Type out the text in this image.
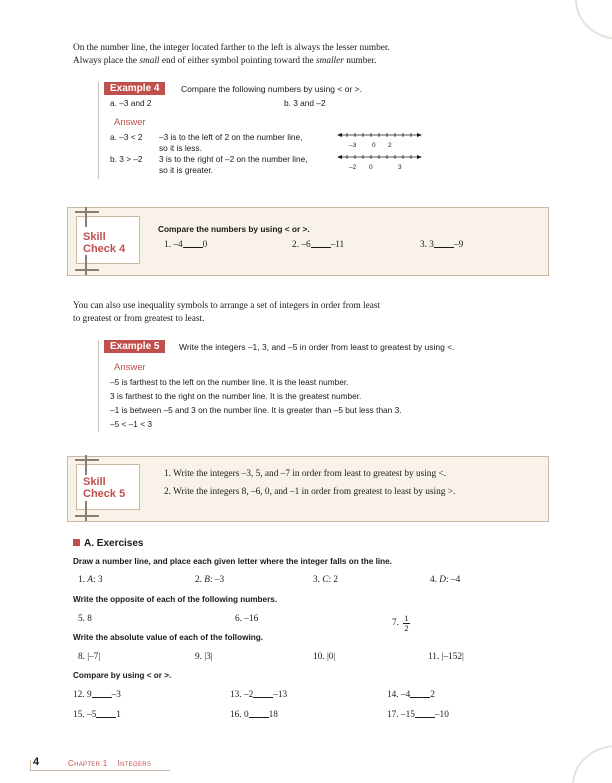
On the number line, the integer located farther to the left is always the lesser number.
Always place the small end of either symbol pointing toward the smaller number.
Example 4	Compare the following numbers by using < or >.
a. –3 and 2	b. 3 and –2
Answer
a. –3 < 2 –3 is to the left of 2 on the number line,
so it is less.
b. 3 > –2 3 is to the right of –2 on the number line,
so it is greater.
–3 0 2
–2 0	3
Skill
Check 4
Compare the numbers by using < or >.
1. –4 0	2. –6 –11	3. 3 –9
You can also use inequality symbols to arrange a set of integers in order from least
to greatest or from greatest to least.
Example 5	Write the integers –1, 3, and –5 in order from least to greatest by using <.
Answer
–5 is farthest to the left on the number line. It is the least number.
3 is farthest to the right on the number line. It is the greatest number.
–1 is between –5 and 3 on the number line. It is greater than –5 but less than 3.
–5 < –1 < 3
Skill
Check 5
1. Write the integers –3, 5, and –7 in order from least to greatest by using <.
2. Write the integers 8, –6, 0, and –1 in order from greatest to least by using >.
A. Exercises
Draw a number line, and place each given letter where the integer falls on the line.
1. A: 3	2. B: –3	3. C: 2	4. D: –4
Write the opposite of each of the following numbers.
5. 8	6. –16	7. $\frac{1}{2}$
Write the absolute value of each of the following.
8. |–7|	9. |3|	10. |0|	11. |–152|
Compare by using < or >.
12. 9 –3	13. –2 –13	14. –4 2
15. –5 1	16. 0 18	17. –15 –10
4	Chapter 1 Integers
